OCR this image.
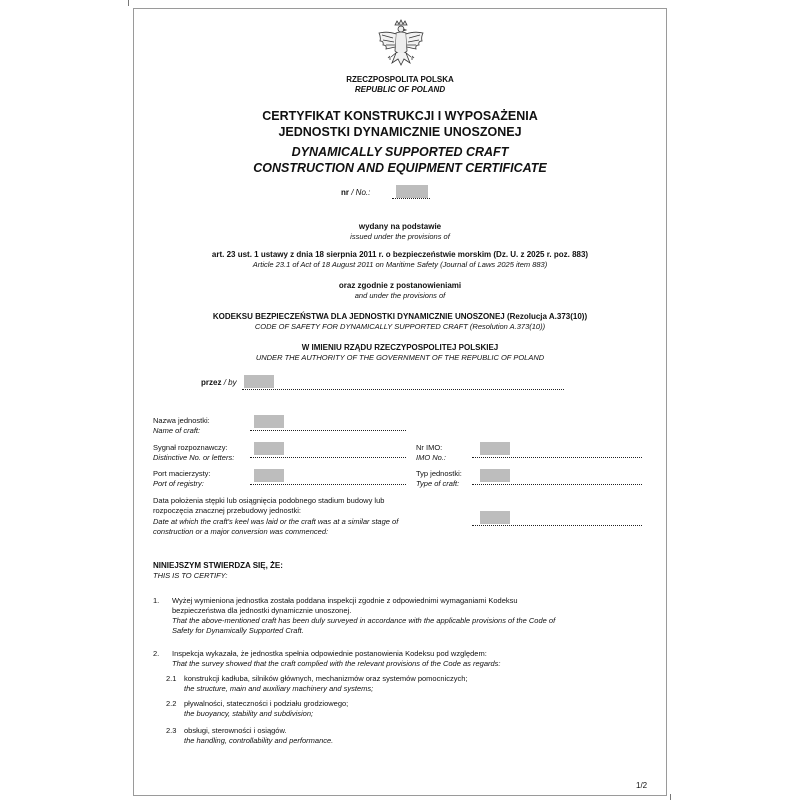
RZECZPOSPOLITA POLSKA
REPUBLIC OF POLAND
CERTYFIKAT KONSTRUKCJI I WYPOSAŻENIA
JEDNOSTKI DYNAMICZNIE UNOSZONEJ
DYNAMICALLY SUPPORTED CRAFT
CONSTRUCTION AND EQUIPMENT CERTIFICATE
nr / No.:
wydany na podstawie
issued under the provisions of
art. 23 ust. 1 ustawy z dnia 18 sierpnia 2011 r. o bezpieczeństwie morskim (Dz. U. z 2025 r. poz. 883)
Article 23.1 of Act of 18 August 2011 on Maritime Safety (Journal of Laws 2025 item 883)
oraz zgodnie z postanowieniami
and under the provisions of
KODEKSU BEZPIECZEŃSTWA DLA JEDNOSTKI DYNAMICZNIE UNOSZONEJ (Rezolucja A.373(10))
CODE OF SAFETY FOR DYNAMICALLY SUPPORTED CRAFT (Resolution A.373(10))
W IMIENIU RZĄDU RZECZYPOSPOLITEJ POLSKIEJ
UNDER THE AUTHORITY OF THE GOVERNMENT OF THE REPUBLIC OF POLAND
przez / by
Nazwa jednostki:
Name of craft:
Sygnał rozpoznawczy:
Distinctive No. or letters:
Nr IMO:
IMO No.:
Port macierzysty:
Port of registry:
Typ jednostki:
Type of craft:
Data położenia stępki lub osiągnięcia podobnego stadium budowy lub
rozpoczęcia znacznej przebudowy jednostki:
Date at which the craft's keel was laid or the craft was at a similar stage of
construction or a major conversion was commenced:
NINIEJSZYM STWIERDZA SIĘ, ŻE:
THIS IS TO CERTIFY:
1. Wyżej wymieniona jednostka została poddana inspekcji zgodnie z odpowiednimi wymaganiami Kodeksu
bezpieczeństwa dla jednostki dynamicznie unoszonej.
That the above-mentioned craft has been duly surveyed in accordance with the applicable provisions of the Code of
Safety for Dynamically Supported Craft.
2. Inspekcja wykazała, że jednostka spełnia odpowiednie postanowienia Kodeksu pod względem:
That the survey showed that the craft complied with the relevant provisions of the Code as regards:
2.1 konstrukcji kadłuba, silników głównych, mechanizmów oraz systemów pomocniczych;
the structure, main and auxiliary machinery and systems;
2.2 pływalności, stateczności i podziału grodziowego;
the buoyancy, stability and subdivision;
2.3 obsługi, sterowności i osiągów.
the handling, controllability and performance.
1/2
